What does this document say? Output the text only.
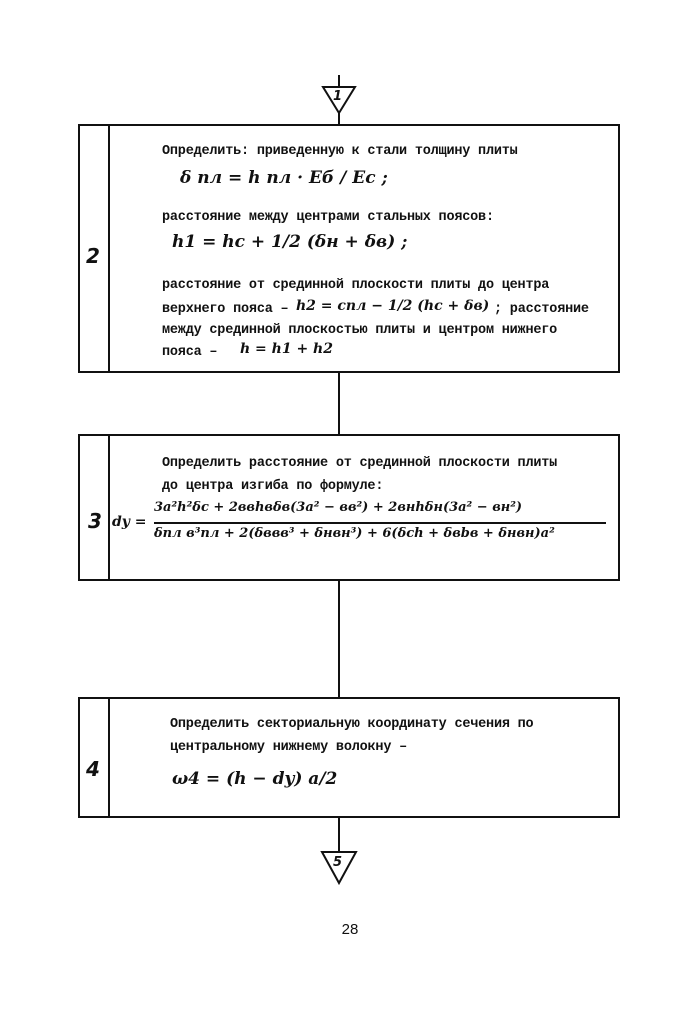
1
5
2
Определить: приведенную к стали толщину плиты
δ пл = h пл · Eб / Eс ;
расстояние между центрами стальных поясов:
h1 = hс + 1/2 (δн + δв) ;
расстояние от срединной плоскости плиты до центра
верхнего пояса – h2 = cпл − 1/2 (hс + δв) ; расстояние
между срединной плоскостью плиты и центром нижнего
пояса – h = h1 + h2
3
Определить расстояние от срединной плоскости плиты
до центра изгиба по формуле:
dy =
3a²h²δc + 2ввhвδв(3a² − вв²) + 2внhδн(3a² − вн²)
δпл в³пл + 2(δввв³ + δнвн³) + 6(δch + δвbв + δнвн)a²
4
Определить секториальную координату сечения по
центральному нижнему волокну –
ω4 = (h − dy) a/2
28
